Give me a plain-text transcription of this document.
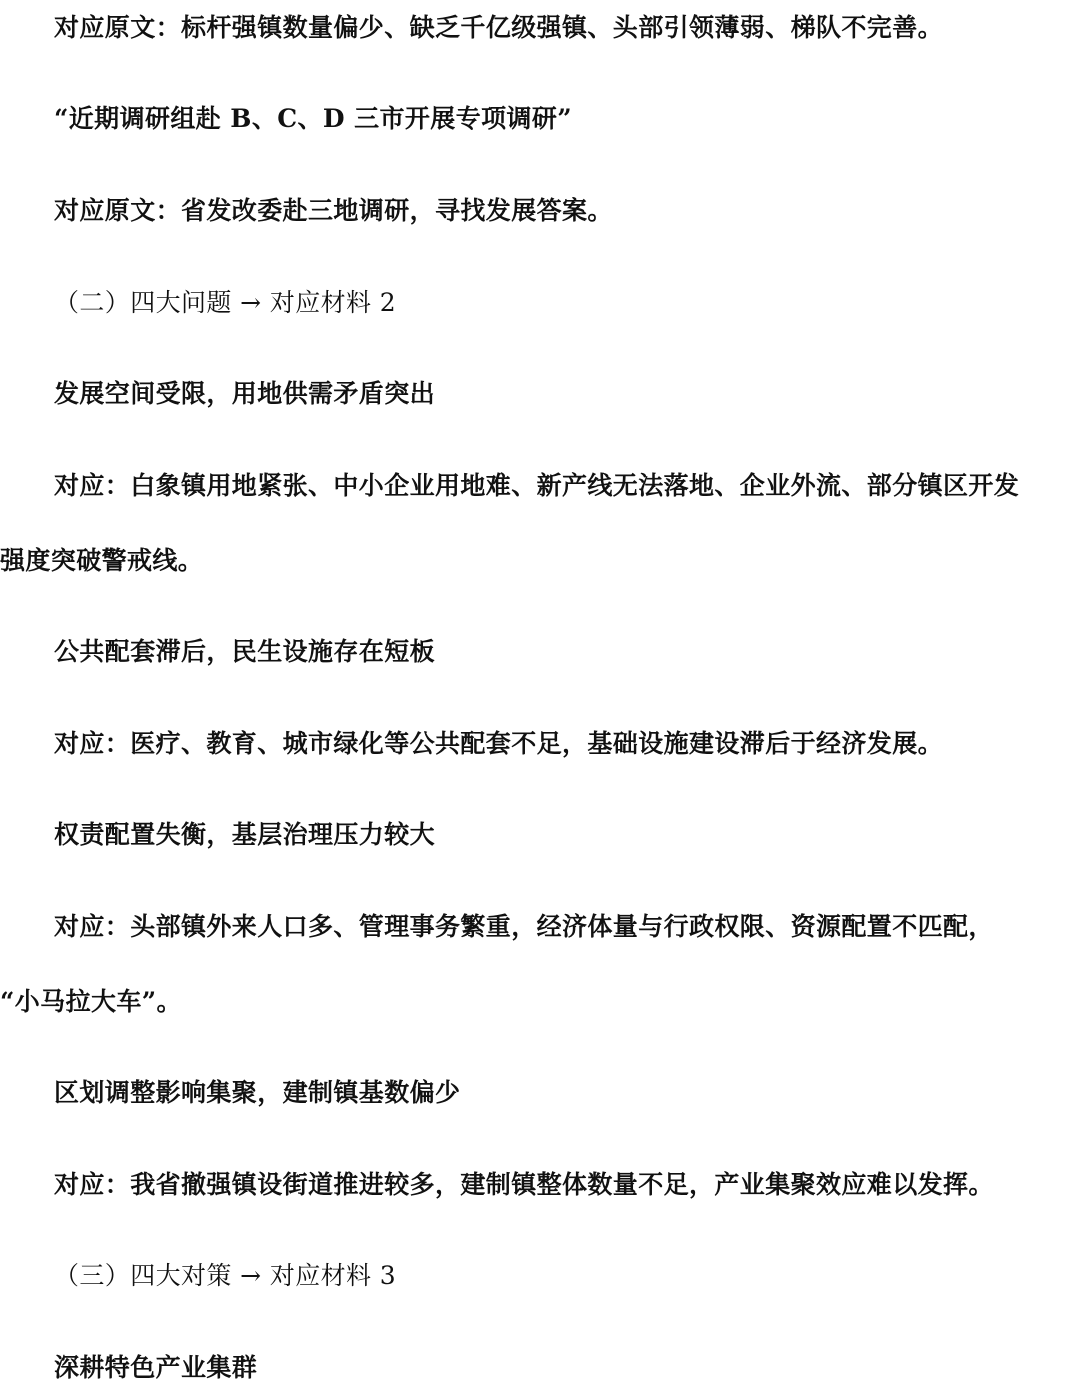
对应原文：标杆强镇数量偏少、缺乏千亿级强镇、头部引领薄弱、梯队不完善。
“近期调研组赴 B、C、D 三市开展专项调研”
对应原文：省发改委赴三地调研，寻找发展答案。
（二）四大问题 → 对应材料 2
发展空间受限，用地供需矛盾突出
对应：白象镇用地紧张、中小企业用地难、新产线无法落地、企业外流、部分镇区开发
强度突破警戒线。
公共配套滞后，民生设施存在短板
对应：医疗、教育、城市绿化等公共配套不足，基础设施建设滞后于经济发展。
权责配置失衡，基层治理压力较大
对应：头部镇外来人口多、管理事务繁重，经济体量与行政权限、资源配置不匹配，
“小马拉大车”。
区划调整影响集聚，建制镇基数偏少
对应：我省撤强镇设街道推进较多，建制镇整体数量不足，产业集聚效应难以发挥。
（三）四大对策 → 对应材料 3
深耕特色产业集群
